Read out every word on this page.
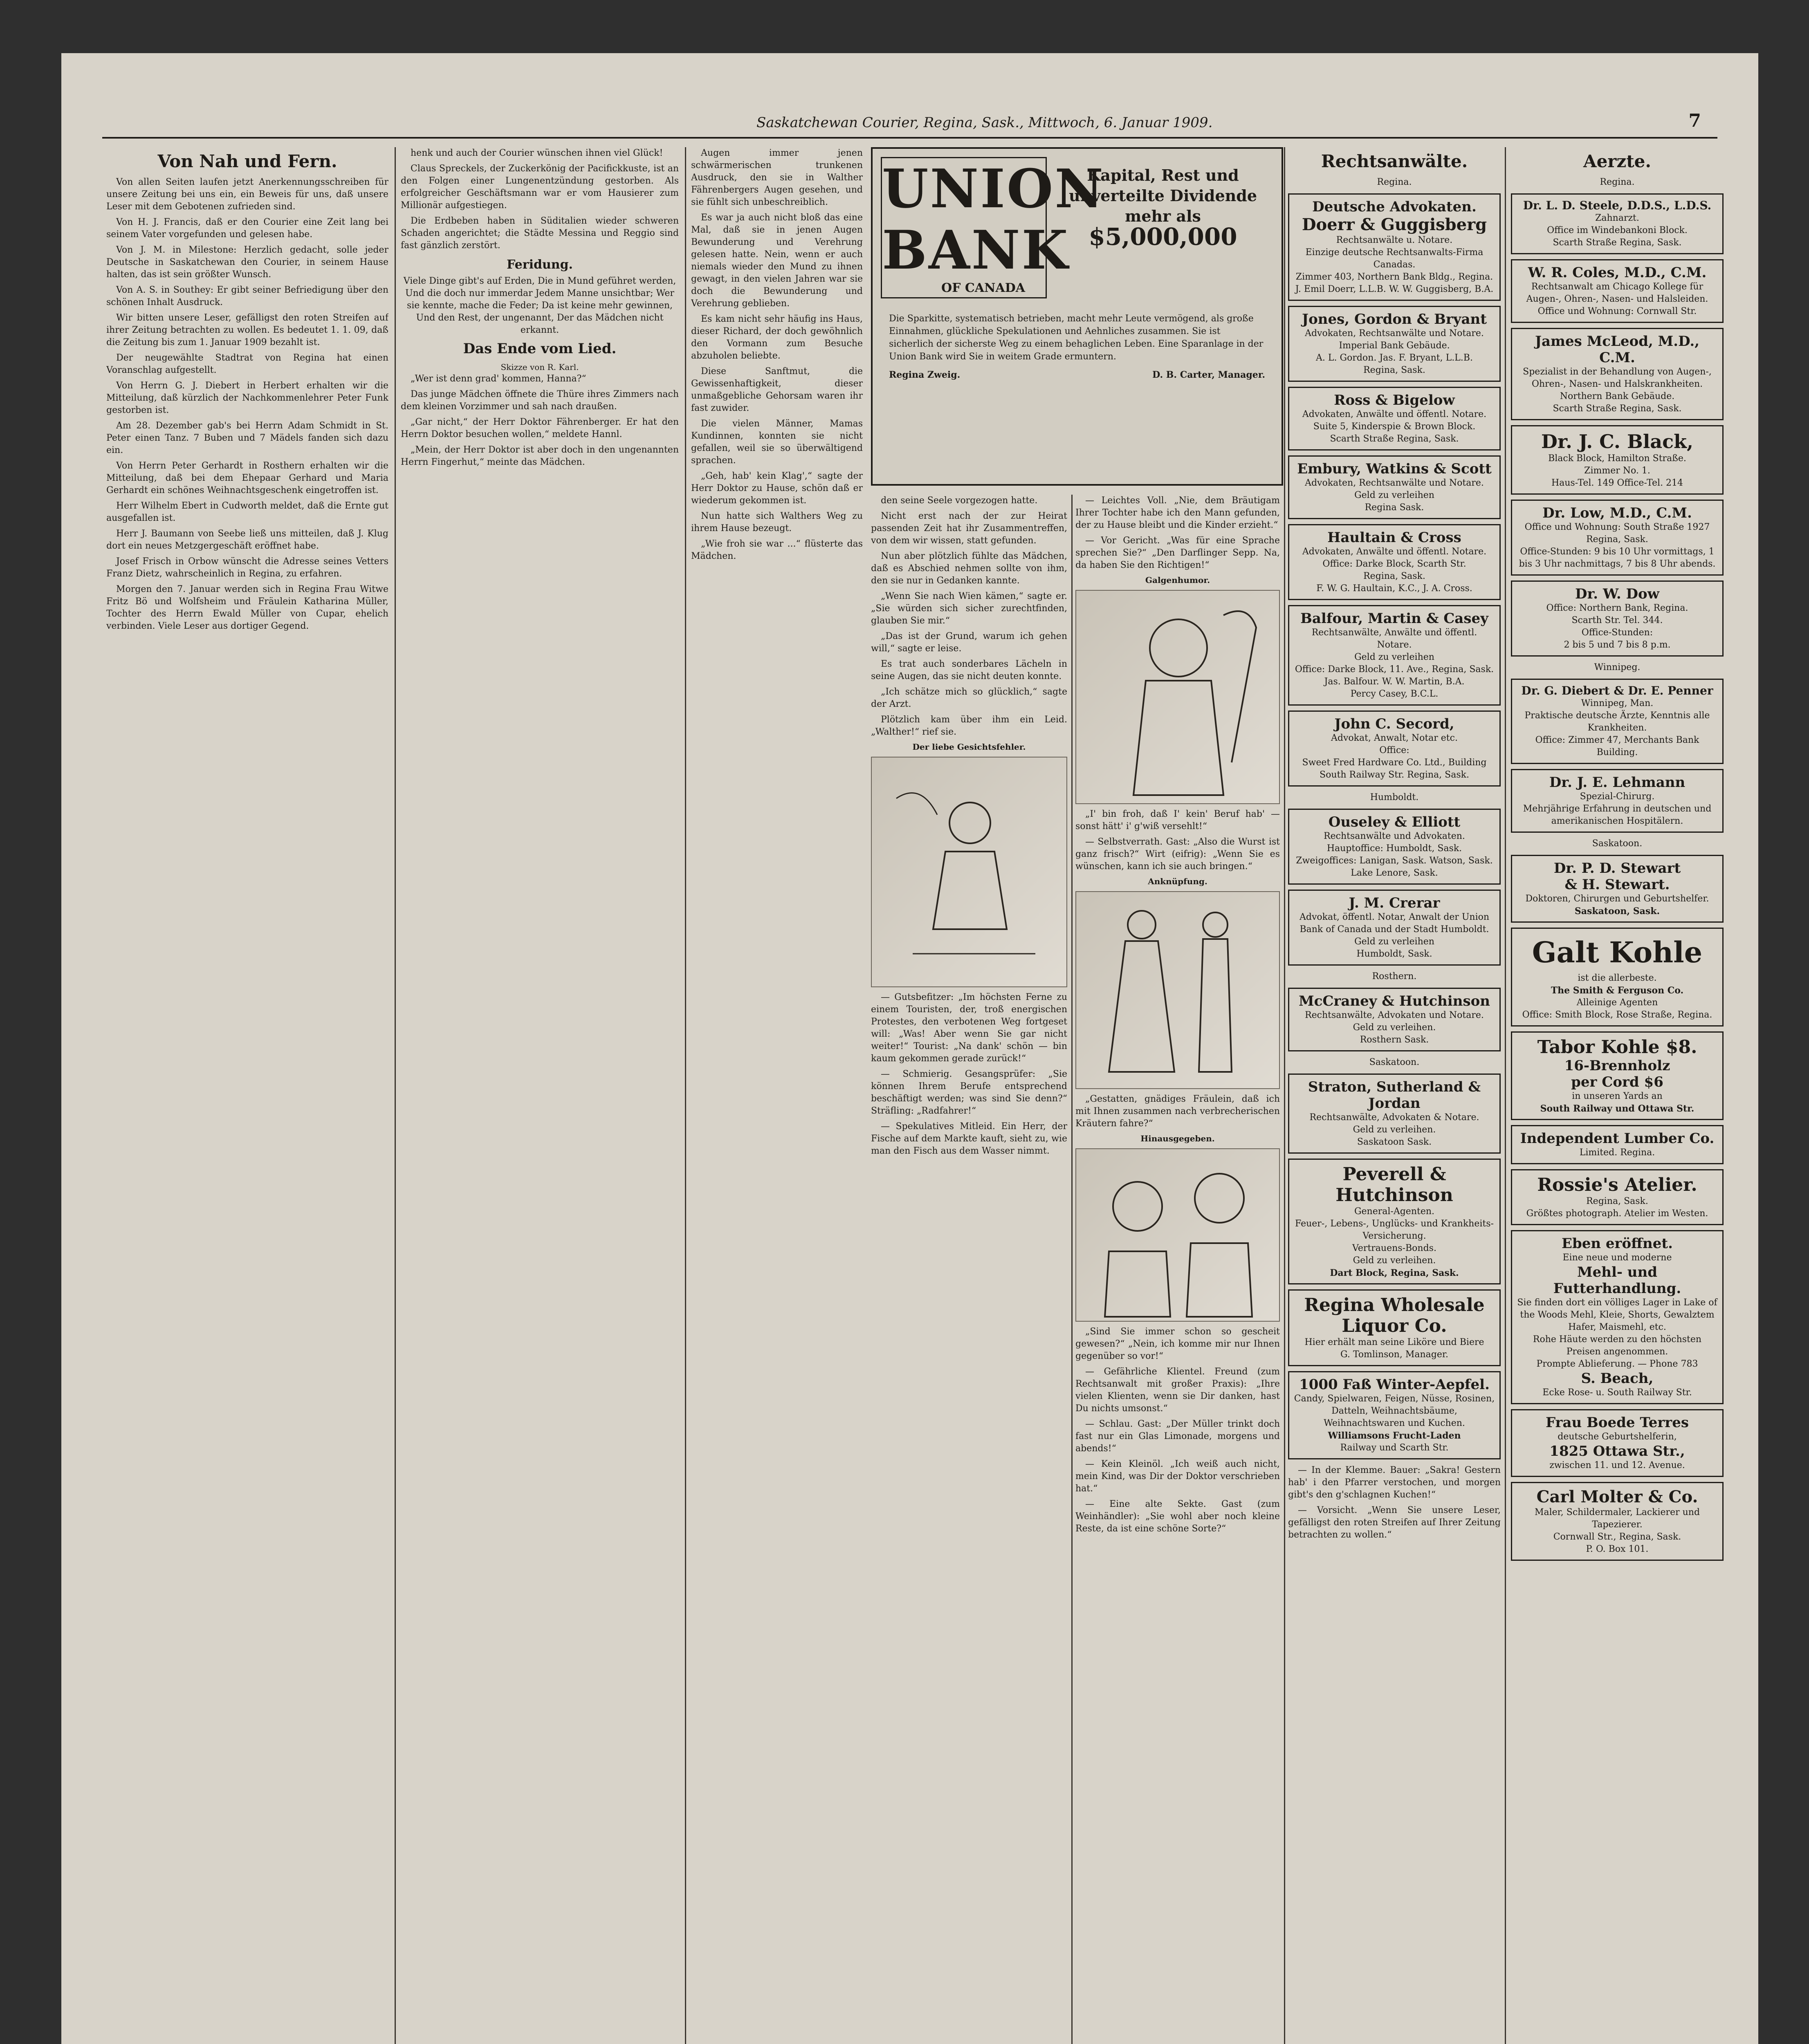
Saskatchewan Courier, Regina, Sask., Mittwoch, 6. Januar 1909.	7
Von Nah und Fern.

Von allen Seiten laufen jetzt Anerkennungsschreiben für unsere Zeitung bei uns ein, ein Beweis für uns, daß unsere Leser mit dem Gebotenen zufrieden sind.

Von H. J. Francis, daß er den Courier eine Zeit lang bei seinem Vater vorgefunden und gelesen habe.

Von J. M. in Milestone: Herzlich gedacht, solle jeder Deutsche in Saskatchewan den Courier, in seinem Hause halten, das ist sein größter Wunsch.

Von A. S. in Southey: Er gibt seiner Befriedigung über den schönen Inhalt Ausdruck.

Wir bitten unsere Leser, gefälligst den roten Streifen auf ihrer Zeitung betrachten zu wollen. Es bedeutet 1. 1. 09, daß die Zeitung bis zum 1. Januar 1909 bezahlt ist.

Der neugewählte Stadtrat von Regina hat einen Voranschlag aufgestellt.

Von Herrn G. J. Diebert in Herbert erhalten wir die Mitteilung, daß kürzlich der Nachkommenlehrer Peter Funk gestorben ist.

Am 28. Dezember gab's bei Herrn Adam Schmidt in St. Peter einen Tanz. 7 Buben und 7 Mädels fanden sich dazu ein.

Von Herrn Peter Gerhardt in Rosthern erhalten wir die Mitteilung, daß bei dem Ehepaar Gerhard und Maria Gerhardt ein schönes Weihnachtsgeschenk eingetroffen ist.

Herr Wilhelm Ebert in Cudworth meldet, daß die Ernte gut ausgefallen ist.

Herr J. Baumann von Seebe ließ uns mitteilen, daß J. Klug dort ein neues Metzgergeschäft eröffnet habe.

Josef Frisch in Orbow wünscht die Adresse seines Vetters Franz Dietz, wahrscheinlich in Regina, zu erfahren.

Morgen den 7. Januar werden sich in Regina Frau Witwe Fritz Bö und Wolfsheim und Fräulein Katharina Müller, Tochter des Herrn Ewald Müller von Cupar, ehelich verbinden. Viele Leser aus dortiger Gegend.

henk und auch der Courier wünschen ihnen viel Glück!

Claus Spreckels, der Zuckerkönig der Pacifickkuste, ist an den Folgen einer Lungenentzündung gestorben. Als erfolgreicher Geschäftsmann war er vom Hausierer zum Millionär aufgestiegen.

Die Erdbeben haben in Süditalien wieder schweren Schaden angerichtet; die Städte Messina und Reggio sind fast gänzlich zerstört.

Feridung.

Viele Dinge gibt's auf Erden, Die in Mund geführet werden, Und die doch nur immerdar Jedem Manne unsichtbar; Wer sie kennte, mache die Feder; Da ist keine mehr gewinnen, Und den Rest, der ungenannt, Der das Mädchen nicht erkannt.

Das Ende vom Lied.
Skizze von R. Karl.

„Wer ist denn grad' kommen, Hanna?“

Das junge Mädchen öffnete die Thüre ihres Zimmers nach dem kleinen Vorzimmer und sah nach draußen.

„Gar nicht,“ der Herr Doktor Fährenberger. Er hat den Herrn Doktor besuchen wollen,“ meldete Hannl.

„Mein, der Herr Doktor ist aber doch in den ungenannten Herrn Fingerhut,“ meinte das Mädchen.

Augen immer jenen schwärmerischen trunkenen Ausdruck, den sie in Walther Fährenbergers Augen gesehen, und sie fühlt sich unbeschreiblich.

Es war ja auch nicht bloß das eine Mal, daß sie in jenen Augen Bewunderung und Verehrung gelesen hatte. Nein, wenn er auch niemals wieder den Mund zu ihnen gewagt, in den vielen Jahren war sie doch die Bewunderung und Verehrung geblieben.

Es kam nicht sehr häufig ins Haus, dieser Richard, der doch gewöhnlich den Vormann zum Besuche abzuholen beliebte.

Diese Sanftmut, die Gewissenhaftigkeit, dieser unmaßgebliche Gehorsam waren ihr fast zuwider.

Die vielen Männer, Mamas Kundinnen, konnten sie nicht gefallen, weil sie so überwältigend sprachen.

„Geh, hab' kein Klag',“ sagte der Herr Doktor zu Hause, schön daß er wiederum gekommen ist.

Nun hatte sich Walthers Weg zu ihrem Hause bezeugt.

„Wie froh sie war ...“ flüsterte das Mädchen.

UNION
BANK
OF CANADA
Kapital, Rest und unverteilte Dividende mehr als
$5,000,000
Die Sparkitte, systematisch betrieben, macht mehr Leute vermögend, als große Einnahmen, glückliche Spekulationen und Aehnliches zusammen. Sie ist sicherlich der sicherste Weg zu einem behaglichen Leben. Eine Sparanlage in der Union Bank wird Sie in weitem Grade ermuntern.
Regina Zweig.	D. B. Carter, Manager.

den seine Seele vorgezogen hatte.

Nicht erst nach der zur Heirat passenden Zeit hat ihr Zusammentreffen, von dem wir wissen, statt gefunden.

Nun aber plötzlich fühlte das Mädchen, daß es Abschied nehmen sollte von ihm, den sie nur in Gedanken kannte.

„Wenn Sie nach Wien kämen,“ sagte er. „Sie würden sich sicher zurechtfinden, glauben Sie mir.“

„Das ist der Grund, warum ich gehen will,“ sagte er leise.

Es trat auch sonderbares Lächeln in seine Augen, das sie nicht deuten konnte.

„Ich schätze mich so glücklich,“ sagte der Arzt.

Plötzlich kam über ihm ein Leid. „Walther!“ rief sie.

Der liebe Gesichtsfehler.

— Gutsbefitzer: „Im höchsten Ferne zu einem Touristen, der, troß energischen Protestes, den verbotenen Weg fortgeset will: „Was! Aber wenn Sie gar nicht weiter!“ Tourist: „Na dank' schön — bin kaum gekommen gerade zurück!“

— Schmierig. Gesangsprüfer: „Sie können Ihrem Berufe entsprechend beschäftigt werden; was sind Sie denn?“ Sträfling: „Radfahrer!“

— Spekulatives Mitleid. Ein Herr, der Fische auf dem Markte kauft, sieht zu, wie man den Fisch aus dem Wasser nimmt.

— Leichtes Voll. „Nie, dem Bräutigam Ihrer Tochter habe ich den Mann gefunden, der zu Hause bleibt und die Kinder erzieht.“

— Vor Gericht. „Was für eine Sprache sprechen Sie?“ „Den Darflinger Sepp. Na, da haben Sie den Richtigen!“

Galgenhumor.

„I' bin froh, daß I' kein' Beruf hab' — sonst hätt' i' g'wiß versehlt!“

— Selbstverrath. Gast: „Also die Wurst ist ganz frisch?“ Wirt (eifrig): „Wenn Sie es wünschen, kann ich sie auch bringen.“

Anknüpfung.

„Gestatten, gnädiges Fräulein, daß ich mit Ihnen zusammen nach verbrecherischen Kräutern fahre?“

Hinausgegeben.

„Sind Sie immer schon so gescheit gewesen?“ „Nein, ich komme mir nur Ihnen gegenüber so vor!“

— Gefährliche Klientel. Freund (zum Rechtsanwalt mit großer Praxis): „Ihre vielen Klienten, wenn sie Dir danken, hast Du nichts umsonst.“

— Schlau. Gast: „Der Müller trinkt doch fast nur ein Glas Limonade, morgens und abends!“

— Kein Kleinöl. „Ich weiß auch nicht, mein Kind, was Dir der Doktor verschrieben hat.“

— Eine alte Sekte. Gast (zum Weinhändler): „Sie wohl aber noch kleine Reste, da ist eine schöne Sorte?“

Rechtsanwälte.
Regina.
Deutsche Advokaten.
Doerr & Guggisberg
Rechtsanwälte u. Notare.
Einzige deutsche Rechtsanwalts-Firma Canadas.
Zimmer 403, Northern Bank Bldg., Regina.
J. Emil Doerr, L.L.B. W. W. Guggisberg, B.A.
Jones, Gordon & Bryant
Advokaten, Rechtsanwälte und Notare.
Imperial Bank Gebäude.
A. L. Gordon. Jas. F. Bryant, L.L.B.
Regina, Sask.
Ross & Bigelow
Advokaten, Anwälte und öffentl. Notare.
Suite 5, Kinderspie & Brown Block.
Scarth Straße Regina, Sask.
Embury, Watkins & Scott
Advokaten, Rechtsanwälte und Notare.
Geld zu verleihen
Regina Sask.
Haultain & Cross
Advokaten, Anwälte und öffentl. Notare.
Office: Darke Block, Scarth Str.
Regina, Sask.
F. W. G. Haultain, K.C., J. A. Cross.
Balfour, Martin & Casey
Rechtsanwälte, Anwälte und öffentl. Notare.
Geld zu verleihen
Office: Darke Block, 11. Ave., Regina, Sask.
Jas. Balfour. W. W. Martin, B.A.
Percy Casey, B.C.L.
John C. Secord,
Advokat, Anwalt, Notar etc.
Office:
Sweet Fred Hardware Co. Ltd., Building
South Railway Str. Regina, Sask.
Humboldt.
Ouseley & Elliott
Rechtsanwälte und Advokaten.
Hauptoffice: Humboldt, Sask.
Zweigoffices: Lanigan, Sask. Watson, Sask. Lake Lenore, Sask.
J. M. Crerar
Advokat, öffentl. Notar, Anwalt der Union Bank of Canada und der Stadt Humboldt.
Geld zu verleihen
Humboldt, Sask.
Rosthern.
McCraney & Hutchinson
Rechtsanwälte, Advokaten und Notare.
Geld zu verleihen.
Rosthern Sask.
Saskatoon.
Straton, Sutherland & Jordan
Rechtsanwälte, Advokaten & Notare.
Geld zu verleihen.
Saskatoon Sask.
Peverell & Hutchinson
General-Agenten.
Feuer-, Lebens-, Unglücks- und Krankheits-Versicherung.
Vertrauens-Bonds.
Geld zu verleihen.
Dart Block, Regina, Sask.
Regina Wholesale Liquor Co.
Hier erhält man seine Liköre und Biere
G. Tomlinson, Manager.
1000 Faß Winter-Aepfel.
Candy, Spielwaren, Feigen, Nüsse, Rosinen, Datteln, Weihnachtsbäume, Weihnachtswaren und Kuchen.
Williamsons Frucht-Laden
Railway und Scarth Str.

— In der Klemme. Bauer: „Sakra! Gestern hab' i den Pfarrer verstochen, und morgen gibt's den g'schlagnen Kuchen!“

— Vorsicht. „Wenn Sie unsere Leser, gefälligst den roten Streifen auf Ihrer Zeitung betrachten zu wollen.“

Aerzte.
Regina.
Dr. L. D. Steele, D.D.S., L.D.S.
Zahnarzt.
Office im Windebankoni Block.
Scarth Straße Regina, Sask.
W. R. Coles, M.D., C.M.
Rechtsanwalt am Chicago Kollege für Augen-, Ohren-, Nasen- und Halsleiden.
Office und Wohnung: Cornwall Str.
James McLeod, M.D., C.M.
Spezialist in der Behandlung von Augen-, Ohren-, Nasen- und Halskrankheiten.
Northern Bank Gebäude.
Scarth Straße Regina, Sask.
Dr. J. C. Black,
Black Block, Hamilton Straße.
Zimmer No. 1.
Haus-Tel. 149 Office-Tel. 214
Dr. Low, M.D., C.M.
Office und Wohnung: South Straße 1927
Regina, Sask.
Office-Stunden: 9 bis 10 Uhr vormittags, 1 bis 3 Uhr nachmittags, 7 bis 8 Uhr abends.
Dr. W. Dow
Office: Northern Bank, Regina.
Scarth Str. Tel. 344.
Office-Stunden:
2 bis 5 und 7 bis 8 p.m.
Winnipeg.
Dr. G. Diebert & Dr. E. Penner
Winnipeg, Man.
Praktische deutsche Ärzte, Kenntnis alle Krankheiten.
Office: Zimmer 47, Merchants Bank Building.
Dr. J. E. Lehmann
Spezial-Chirurg.
Mehrjährige Erfahrung in deutschen und amerikanischen Hospitälern.
Saskatoon.
Dr. P. D. Stewart
& H. Stewart.
Doktoren, Chirurgen und Geburtshelfer.
Saskatoon, Sask.
Galt Kohle
ist die allerbeste.
The Smith & Ferguson Co.
Alleinige Agenten
Office: Smith Block, Rose Straße, Regina.
Tabor Kohle $8.
16-Brennholz
per Cord $6
in unseren Yards an
South Railway und Ottawa Str.
Independent Lumber Co.
Limited. Regina.
Rossie's Atelier.
Regina, Sask.
Größtes photograph. Atelier im Westen.
Eben eröffnet.
Eine neue und moderne
Mehl- und Futterhandlung.
Sie finden dort ein völliges Lager in Lake of the Woods Mehl, Kleie, Shorts, Gewalztem Hafer, Maismehl, etc.
Rohe Häute werden zu den höchsten Preisen angenommen.
Prompte Ablieferung. — Phone 783
S. Beach,
Ecke Rose- u. South Railway Str.
Frau Boede Terres
deutsche Geburtshelferin,
1825 Ottawa Str.,
zwischen 11. und 12. Avenue.
Carl Molter & Co.
Maler, Schildermaler, Lackierer und Tapezierer.
Cornwall Str., Regina, Sask.
P. O. Box 101.
